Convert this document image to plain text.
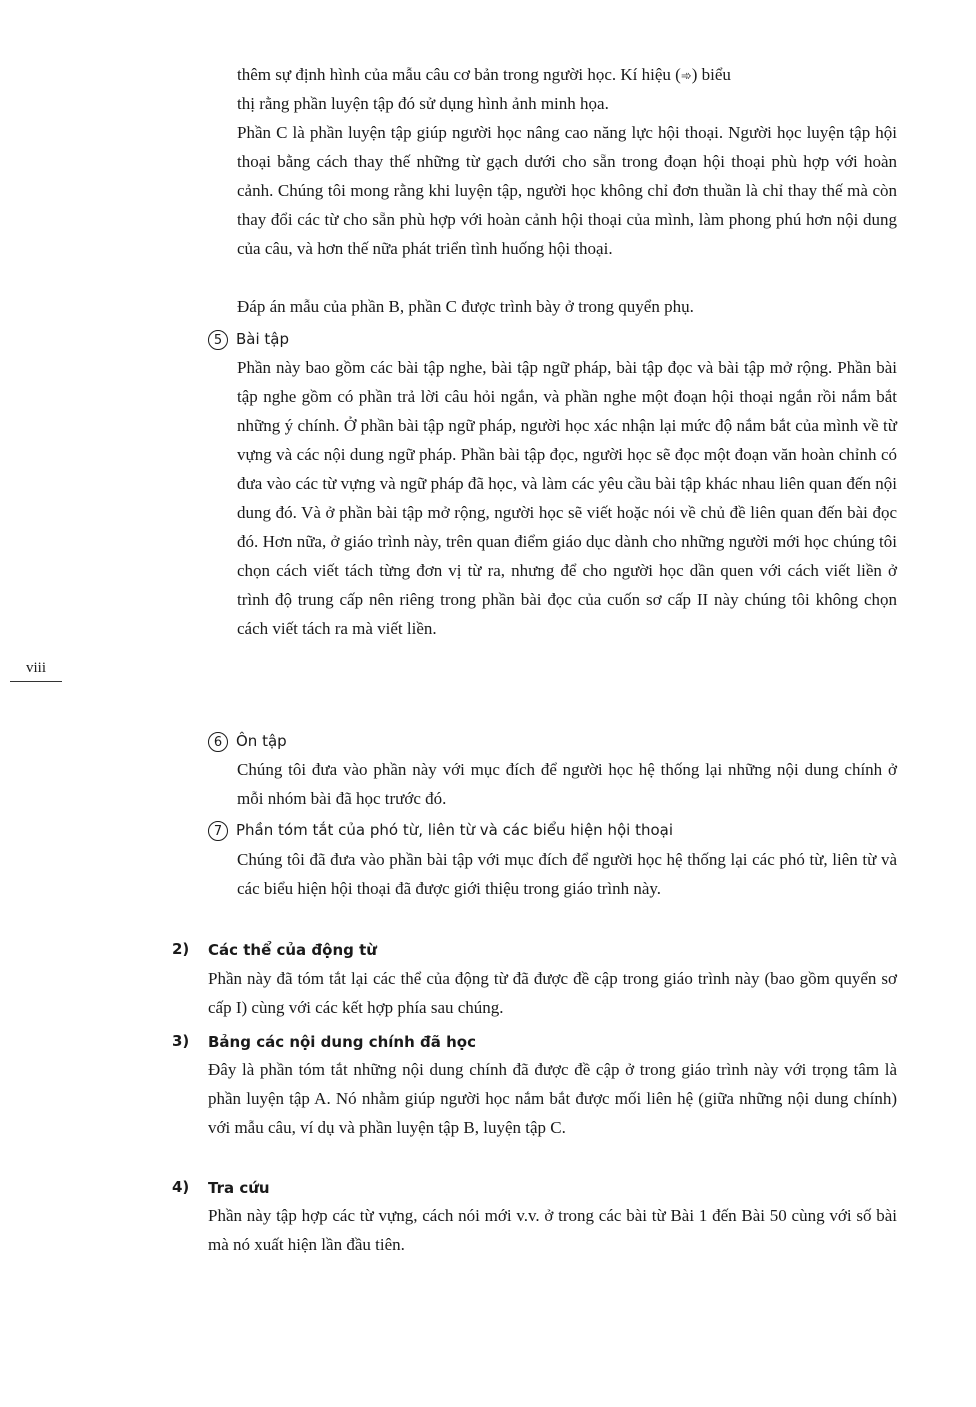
thêm sự định hình của mẫu câu cơ bản trong người học. Kí hiệu (➾) biểu

thị rằng phần luyện tập đó sử dụng hình ảnh minh họa.

Phần C là phần luyện tập giúp người học nâng cao năng lực hội thoại. Người học luyện tập hội thoại bằng cách thay thế những từ gạch dưới cho sẵn trong đoạn hội thoại phù hợp với hoàn cảnh. Chúng tôi mong rằng khi luyện tập, người học không chỉ đơn thuần là chỉ thay thế mà còn thay đổi các từ cho sẵn phù hợp với hoàn cảnh hội thoại của mình, làm phong phú hơn nội dung của câu, và hơn thế nữa phát triển tình huống hội thoại.

Đáp án mẫu của phần B, phần C được trình bày ở trong quyển phụ.

5 Bài tập

Phần này bao gồm các bài tập nghe, bài tập ngữ pháp, bài tập đọc và bài tập mở rộng. Phần bài tập nghe gồm có phần trả lời câu hỏi ngắn, và phần nghe một đoạn hội thoại ngắn rồi nắm bắt những ý chính. Ở phần bài tập ngữ pháp, người học xác nhận lại mức độ nắm bắt của mình về từ vựng và các nội dung ngữ pháp. Phần bài tập đọc, người học sẽ đọc một đoạn văn hoàn chỉnh có đưa vào các từ vựng và ngữ pháp đã học, và làm các yêu cầu bài tập khác nhau liên quan đến nội dung đó. Và ở phần bài tập mở rộng, người học sẽ viết hoặc nói về chủ đề liên quan đến bài đọc đó. Hơn nữa, ở giáo trình này, trên quan điểm giáo dục dành cho những người mới học chúng tôi chọn cách viết tách từng đơn vị từ ra, nhưng để cho người học dần quen với cách viết liền ở trình độ trung cấp nên riêng trong phần bài đọc của cuốn sơ cấp II này chúng tôi không chọn cách viết tách ra mà viết liền.

6 Ôn tập

Chúng tôi đưa vào phần này với mục đích để người học hệ thống lại những nội dung chính ở mỗi nhóm bài đã học trước đó.

7 Phần tóm tắt của phó từ, liên từ và các biểu hiện hội thoại

Chúng tôi đã đưa vào phần bài tập với mục đích để người học hệ thống lại các phó từ, liên từ và các biểu hiện hội thoại đã được giới thiệu trong giáo trình này.

2) Các thể của động từ

Phần này đã tóm tắt lại các thể của động từ đã được đề cập trong giáo trình này (bao gồm quyển sơ cấp I) cùng với các kết hợp phía sau chúng.

3) Bảng các nội dung chính đã học

Đây là phần tóm tắt những nội dung chính đã được đề cập ở trong giáo trình này với trọng tâm là phần luyện tập A. Nó nhằm giúp người học nắm bắt được mối liên hệ (giữa những nội dung chính) với mẫu câu, ví dụ và phần luyện tập B, luyện tập C.

4) Tra cứu

Phần này tập hợp các từ vựng, cách nói mới v.v. ở trong các bài từ Bài 1 đến Bài 50 cùng với số bài mà nó xuất hiện lần đầu tiên.

viii
